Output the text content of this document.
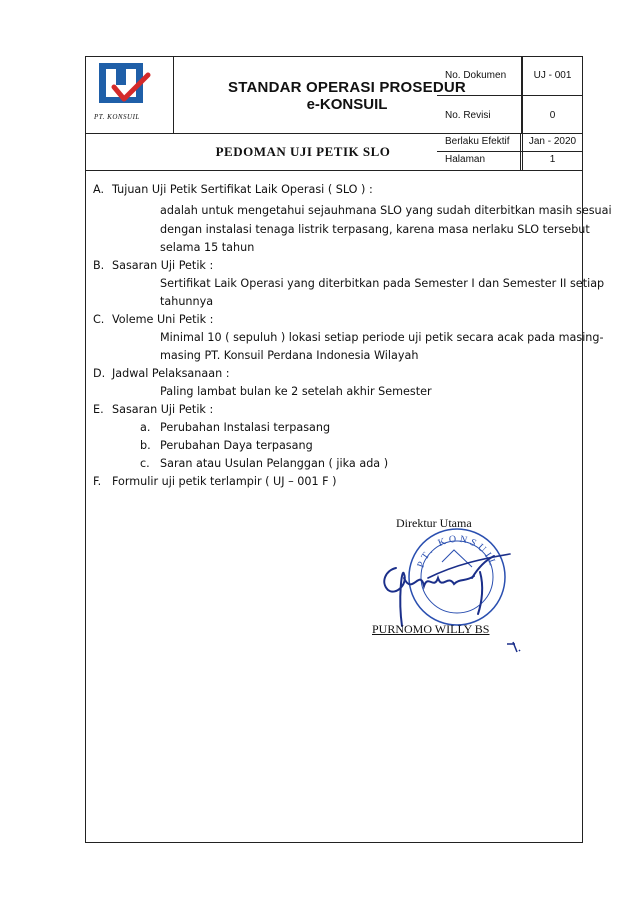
PT. KONSUIL
STANDAR OPERASI PROSEDUR
e-KONSUIL
PEDOMAN UJI PETIK SLO
No. Dokumen	UJ - 001
No. Revisi	0
Berlaku Efektif	Jan - 2020
Halaman	1
A. Tujuan Uji Petik Sertifikat Laik Operasi ( SLO ) :
adalah untuk mengetahui sejauhmana SLO yang sudah diterbitkan masih sesuai
dengan instalasi tenaga listrik terpasang, karena masa nerlaku SLO tersebut
selama 15 tahun
B. Sasaran Uji Petik :
Sertifikat Laik Operasi yang diterbitkan pada Semester I dan Semester II setiap
tahunnya
C. Voleme Uni Petik :
Minimal 10 ( sepuluh ) lokasi setiap periode uji petik secara acak pada masing-
masing PT. Konsuil Perdana Indonesia Wilayah
D. Jadwal Pelaksanaan :
Paling lambat bulan ke 2 setelah akhir Semester
E. Sasaran Uji Petik :
a. Perubahan Instalasi terpasang
b. Perubahan Daya terpasang
c. Saran atau Usulan Pelanggan ( jika ada )
F. Formulir uji petik terlampir ( UJ – 001 F )
Direktur Utama
PT. KONSUIL
PURNOMO WILLY BS
